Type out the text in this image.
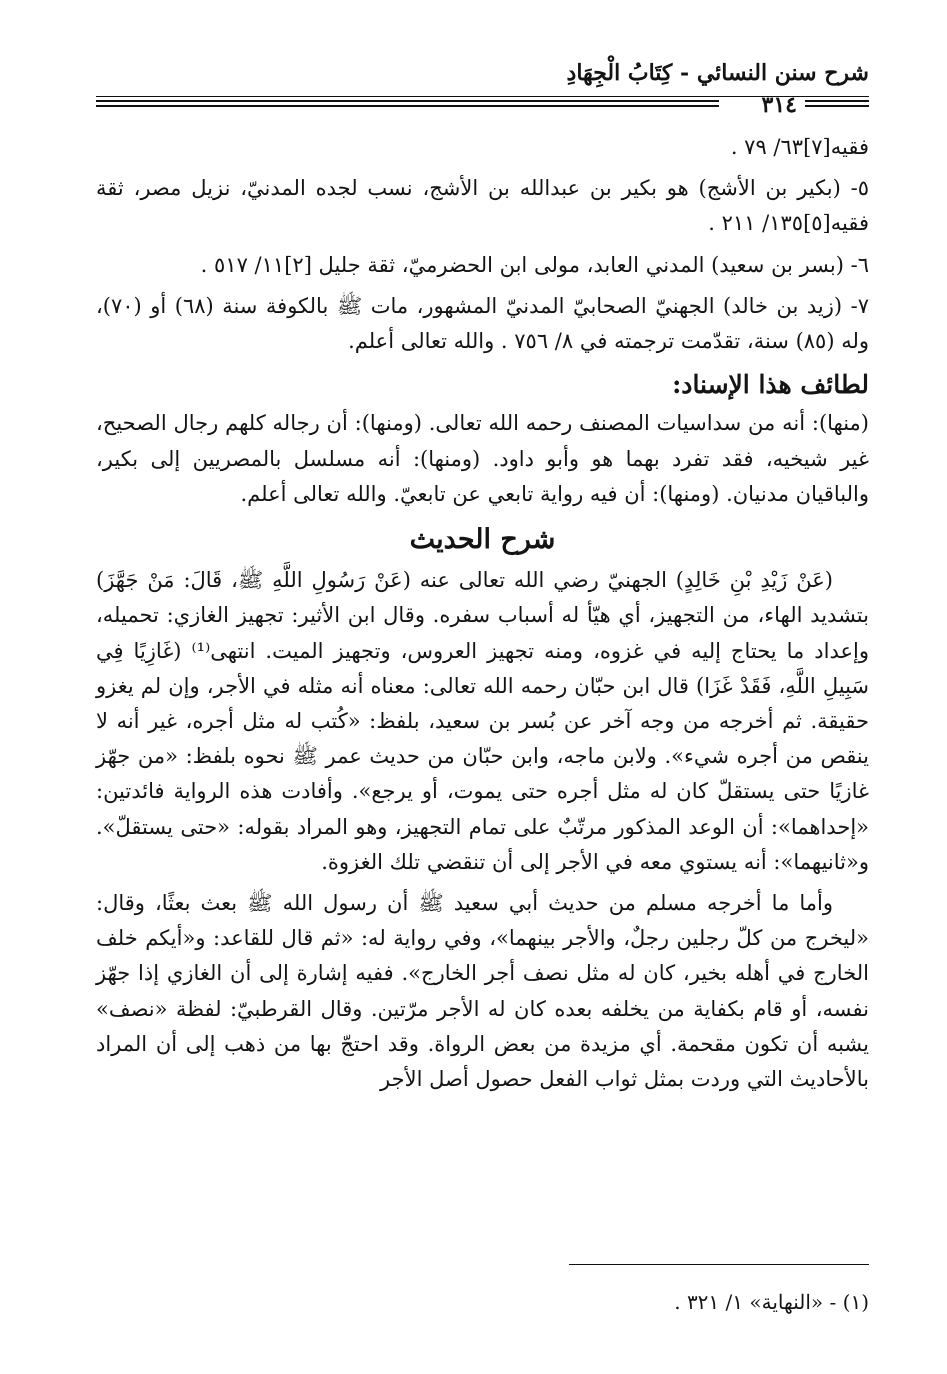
شرح سنن النسائي - كِتَابُ الْجِهَادِ
٣١٤

فقيه[٧]٦٣/ ٧٩ .

٥- (بكير بن الأشج) هو بكير بن عبدالله بن الأشج، نسب لجده المدنيّ، نزيل مصر، ثقة فقيه[٥]١٣٥/ ٢١١ .

٦- (بسر بن سعيد) المدني العابد، مولى ابن الحضرميّ، ثقة جليل [٢]١١/ ٥١٧ .

٧- (زيد بن خالد) الجهنيّ الصحابيّ المدنيّ المشهور، مات ﷺ بالكوفة سنة (٦٨) أو (٧٠)، وله (٨٥) سنة، تقدّمت ترجمته في ٨/ ٧٥٦ . والله تعالى أعلم.

لطائف هذا الإسناد:

(منها): أنه من سداسيات المصنف رحمه الله تعالى. (ومنها): أن رجاله كلهم رجال الصحيح، غير شيخيه، فقد تفرد بهما هو وأبو داود. (ومنها): أنه مسلسل بالمصريين إلى بكير، والباقيان مدنيان. (ومنها): أن فيه رواية تابعي عن تابعيّ. والله تعالى أعلم.

شرح الحديث

(عَنْ زَيْدِ بْنِ خَالِدٍ) الجهنيّ رضي الله تعالى عنه (عَنْ رَسُولِ اللَّهِ ﷺ، قَالَ: مَنْ جَهَّزَ) بتشديد الهاء، من التجهيز، أي هيّأ له أسباب سفره. وقال ابن الأثير: تجهيز الغازي: تحميله، وإعداد ما يحتاج إليه في غزوه، ومنه تجهيز العروس، وتجهيز الميت. انتهى⁽¹⁾ (غَازِيًا فِي سَبِيلِ اللَّهِ، فَقَدْ غَزَا) قال ابن حبّان رحمه الله تعالى: معناه أنه مثله في الأجر، وإن لم يغزو حقيقة. ثم أخرجه من وجه آخر عن بُسر بن سعيد، بلفظ: «كُتب له مثل أجره، غير أنه لا ينقص من أجره شيء». ولابن ماجه، وابن حبّان من حديث عمر ﷺ نحوه بلفظ: «من جهّز غازيًا حتى يستقلّ كان له مثل أجره حتى يموت، أو يرجع». وأفادت هذه الرواية فائدتين: «إحداهما»: أن الوعد المذكور مرتّبٌ على تمام التجهيز، وهو المراد بقوله: «حتى يستقلّ». و«ثانيهما»: أنه يستوي معه في الأجر إلى أن تنقضي تلك الغزوة.

وأما ما أخرجه مسلم من حديث أبي سعيد ﷺ أن رسول الله ﷺ بعث بعثًا، وقال: «ليخرج من كلّ رجلين رجلٌ، والأجر بينهما»، وفي رواية له: «ثم قال للقاعد: و«أيكم خلف الخارج في أهله بخير، كان له مثل نصف أجر الخارج». ففيه إشارة إلى أن الغازي إذا جهّز نفسه، أو قام بكفاية من يخلفه بعده كان له الأجر مرّتين. وقال القرطبيّ: لفظة «نصف» يشبه أن تكون مقحمة. أي مزيدة من بعض الرواة. وقد احتجّ بها من ذهب إلى أن المراد بالأحاديث التي وردت بمثل ثواب الفعل حصول أصل الأجر

(١) - «النهاية» ١/ ٣٢١ .
